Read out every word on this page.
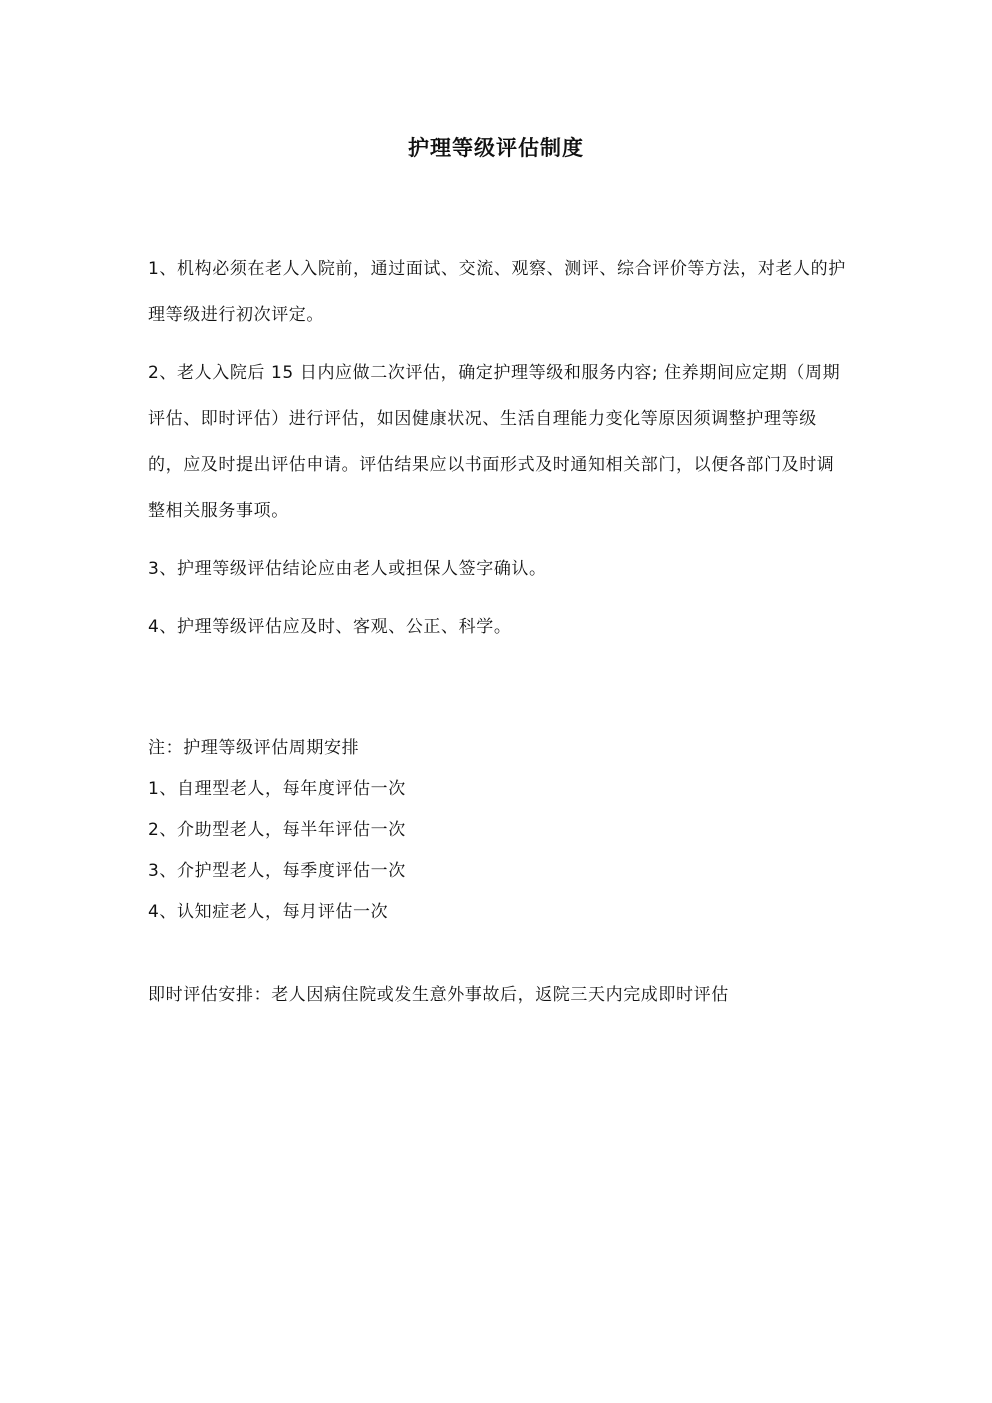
护理等级评估制度

1、机构必须在老人入院前，通过面试、交流、观察、测评、综合评价等方法，对老人的护理等级进行初次评定。

2、老人入院后 15 日内应做二次评估，确定护理等级和服务内容; 住养期间应定期（周期评估、即时评估）进行评估，如因健康状况、生活自理能力变化等原因须调整护理等级的，应及时提出评估申请。评估结果应以书面形式及时通知相关部门，以便各部门及时调整相关服务事项。

3、护理等级评估结论应由老人或担保人签字确认。

4、护理等级评估应及时、客观、公正、科学。

注：护理等级评估周期安排
1、自理型老人，每年度评估一次
2、介助型老人，每半年评估一次
3、介护型老人，每季度评估一次
4、认知症老人，每月评估一次
即时评估安排：老人因病住院或发生意外事故后，返院三天内完成即时评估
